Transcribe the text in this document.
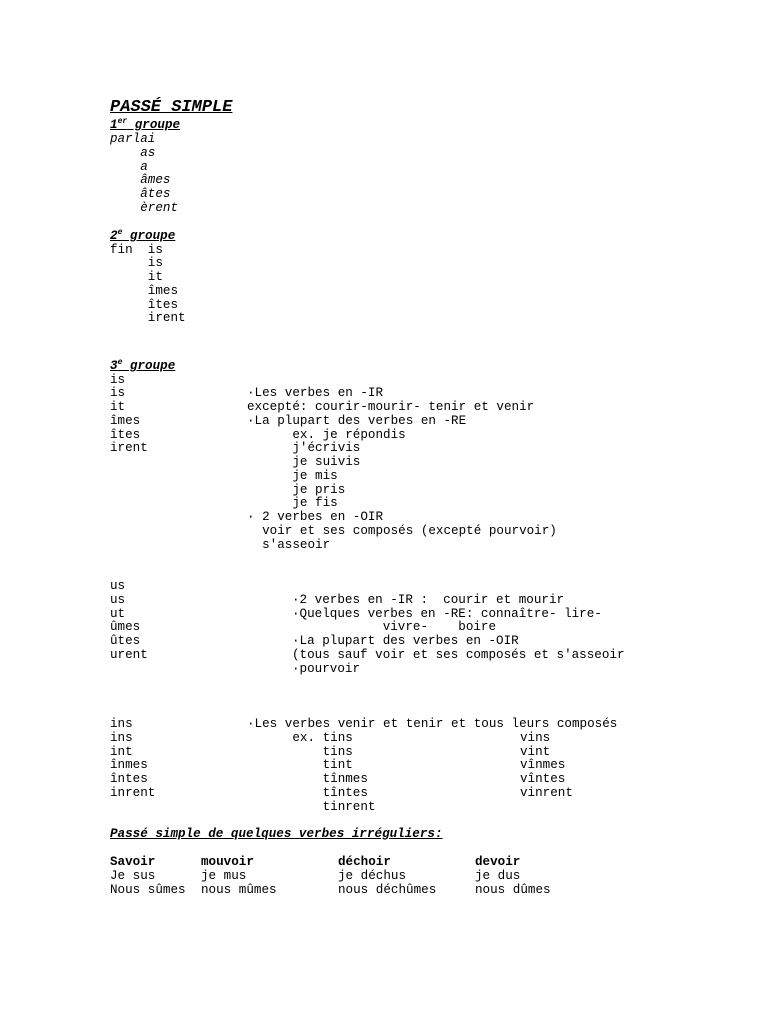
PASSÉ SIMPLE
1er groupe
parlai
as
a
âmes
âtes
èrent
2e groupe
fin  is
is
it
îmes
îtes
irent
3e groupe
is
is
it
îmes
îtes
irent
·Les verbes en -IR
excepté: courir-mourir- tenir et venir
·La plupart des verbes en -RE
ex. je répondis
j'écrivis
je suivis
je mis
je pris
je fis
· 2 verbes en -OIR
voir et ses composés (excepté pourvoir)
s'asseoir
us
us
ut
ûmes
ûtes
urent
·2 verbes en -IR :  courir et mourir
·Quelques verbes en -RE: connaître- lire-
vivre-    boire
·La plupart des verbes en -OIR
(tous sauf voir et ses composés et s'asseoir
·pourvoir
ins
ins
int
înmes
întes
inrent
·Les verbes venir et tenir et tous leurs composés
ex. tins
tins
tint
tînmes
tîntes
tinrent
vins
vint
vînmes
vîntes
vinrent
Passé simple de quelques verbes irréguliers:
Savoir
Je sus
Nous sûmes
mouvoir
je mus
nous mûmes
déchoir
je déchus
nous déchûmes
devoir
je dus
nous dûmes
